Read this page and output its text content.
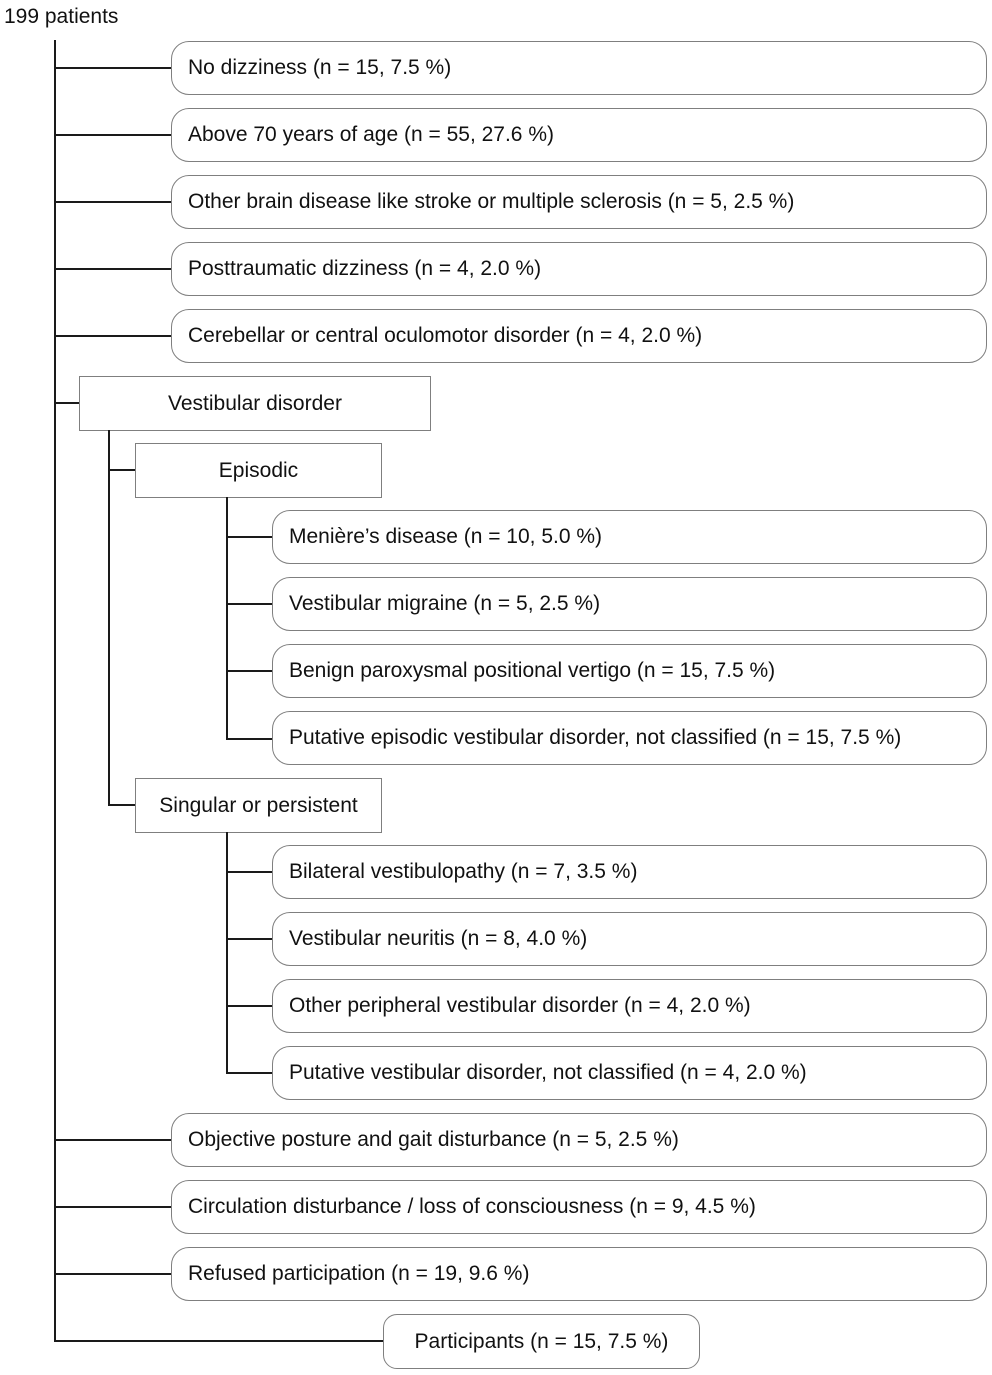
199 patients
No dizziness (n = 15, 7.5 %)
Above 70 years of age (n = 55, 27.6 %)
Other brain disease like stroke or multiple sclerosis (n = 5, 2.5 %)
Posttraumatic dizziness (n = 4, 2.0 %)
Cerebellar or central oculomotor disorder (n = 4, 2.0 %)
Vestibular disorder
Episodic
Menière’s disease (n = 10, 5.0 %)
Vestibular migraine (n = 5, 2.5 %)
Benign paroxysmal positional vertigo (n = 15, 7.5 %)
Putative episodic vestibular disorder, not classified (n = 15, 7.5 %)
Singular or persistent
Bilateral vestibulopathy (n = 7, 3.5 %)
Vestibular neuritis (n = 8, 4.0 %)
Other peripheral vestibular disorder (n = 4, 2.0 %)
Putative vestibular disorder, not classified (n = 4, 2.0 %)
Objective posture and gait disturbance (n = 5, 2.5 %)
Circulation disturbance / loss of consciousness (n = 9, 4.5 %)
Refused participation (n = 19, 9.6 %)
Participants (n = 15, 7.5 %)
